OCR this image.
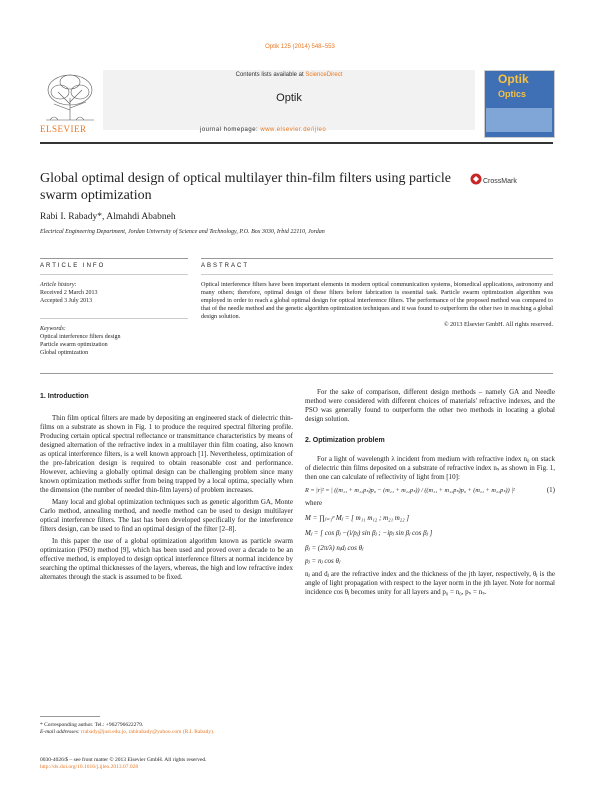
Optik 125 (2014) 548–553
Contents lists available at ScienceDirect
Optik
journal homepage: www.elsevier.de/ijleo
ELSEVIER
Optik
Optics
Global optimal design of optical multilayer thin-film filters using particle swarm optimization
CrossMark
Rabi I. Rabady*, Almahdi Ababneh
Electrical Engineering Department, Jordan University of Science and Technology, P.O. Box 3030, Irbid 22110, Jordan
ARTICLE INFO	ABSTRACT
Article history:
Received 2 March 2013
Accepted 3 July 2013
Keywords:
Optical interference filters design
Particle swarm optimization
Global optimization
Optical interference filters have been important elements in modern optical communication systems, biomedical applications, astronomy and many others; therefore, optimal design of these filters before fabrication is essential task. Particle swarm optimization algorithm was employed in order to reach a global optimal design for optical interference filters. The performance of the proposed method was compared to that of the needle method and the genetic algorithm optimization techniques and it was found to outperform the other two in reaching a global design solution.
© 2013 Elsevier GmbH. All rights reserved.
1. Introduction

Thin film optical filters are made by depositing an engineered stack of dielectric thin-films on a substrate as shown in Fig. 1 to produce the required spectral filtering profile. Producing certain optical spectral reflectance or transmittance characteristics by means of designed alternation of the refractive index in a multilayer thin film coating, also known as optical interference filters, is a well known approach [1]. Nevertheless, optimization of the pre-fabrication design is required to obtain reasonable cost and performance. However, achieving a globally optimal design can be challenging problem since many known optimization methods suffer from being trapped by a local optima, specially when the dimension (the number of needed thin-film layers) of problem increases.

Many local and global optimization techniques such as genetic algorithm GA, Monte Carlo method, annealing method, and needle method can be used to design multilayer optical interference filters. The last has been developed specifically for the interference filters design, can be used to find an optimal design of the filter [2–8].

In this paper the use of a global optimization algorithm known as particle swarm optimization (PSO) method [9], which has been used and proved over a decade to be an effective method, is employed to design optical interference filters at normal incidence by searching the optimal thicknesses of the layers, whereas, the high and low refractive index alternates through the stack is assumed to be fixed.

For the sake of comparison, different design methods – namely GA and Needle method were considered with different choices of materials' refractive indexes, and the PSO was generally found to outperform the other two methods in locating a global design solution.

2. Optimization problem

For a light of wavelength λ incident from medium with refractive index n₀ on stack of dielectric thin films deposited on a substrate of refractive index nₛ as shown in Fig. 1, then one can calculate of reflectivity of light from [10]:

R = |r|² = | ((m₁₁ + m₁₂pₛ)p₀ − (m₂₁ + m₂₂pₛ)) / ((m₁₁ + m₁₂pₛ)p₀ + (m₂₁ + m₂₂pₛ)) |²	(1)
where
M = ∏ⱼ₌₁ᵖ Mⱼ = [ m₁₁ m₁₂ ; m₂₁ m₂₂ ]
Mⱼ = [ cos βⱼ −(i/pⱼ) sin βⱼ ; −ipⱼ sin βⱼ cos βⱼ ]
βⱼ = (2π/λ) nⱼdⱼ cos θⱼ
pⱼ = nⱼ cos θⱼ

nⱼ and dⱼ are the refractive index and the thickness of the jth layer, respectively, θⱼ is the angle of light propagation with respect to the layer norm in the jth layer. Note for normal incidence cos θⱼ becomes unity for all layers and p₀ = n₀, pₛ = nₛ.

* Corresponding author. Tel.: +962796622279.
E-mail addresses: rrabady@just.edu.jo, rabirabady@yahoo.com (R.I. Rabady).
0030-4026/$ – see front matter © 2013 Elsevier GmbH. All rights reserved.
http://dx.doi.org/10.1016/j.ijleo.2013.07.028
